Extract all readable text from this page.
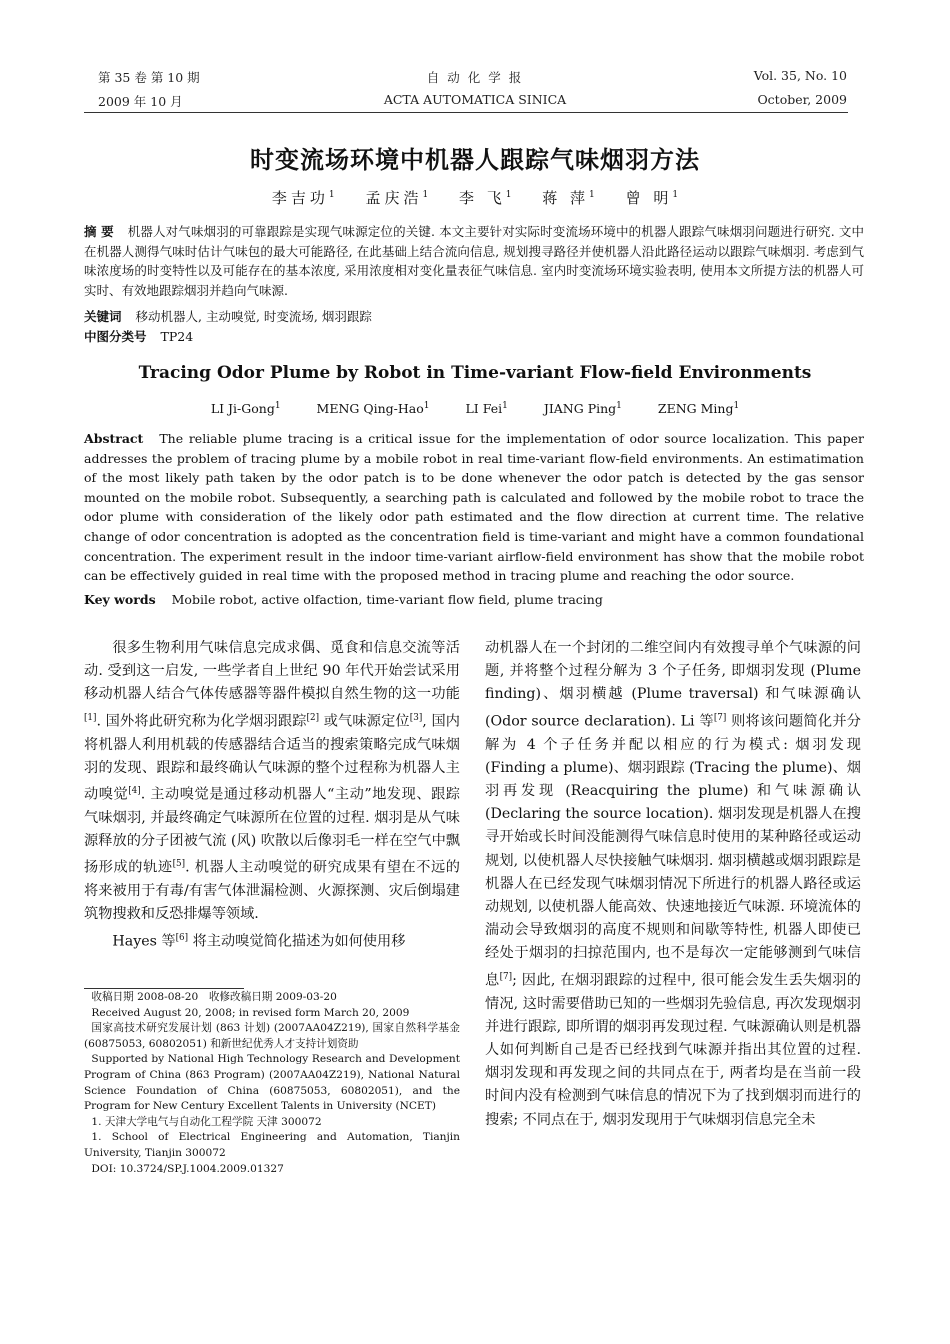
第 35 卷 第 10 期
2009 年 10 月
自 动 化 学 报
ACTA AUTOMATICA SINICA
Vol. 35, No. 10
October, 2009
时变流场环境中机器人跟踪气味烟羽方法
李吉功$^1$ 孟庆浩$^1$ 李 飞$^1$ 蒋 萍$^1$ 曾 明$^1$
摘 要 机器人对气味烟羽的可靠跟踪是实现气味源定位的关键. 本文主要针对实际时变流场环境中的机器人跟踪气味烟羽问题进行研究. 文中在机器人测得气味时估计气味包的最大可能路径, 在此基础上结合流向信息, 规划搜寻路径并使机器人沿此路径运动以跟踪气味烟羽. 考虑到气味浓度场的时变特性以及可能存在的基本浓度, 采用浓度相对变化量表征气味信息. 室内时变流场环境实验表明, 使用本文所提方法的机器人可实时、有效地跟踪烟羽并趋向气味源.
关键词 移动机器人, 主动嗅觉, 时变流场, 烟羽跟踪
中图分类号 TP24
Tracing Odor Plume by Robot in Time-variant Flow-field Environments
LI Ji-Gong$^1$	MENG Qing-Hao$^1$	LI Fei$^1$	JIANG Ping$^1$	ZENG Ming$^1$
Abstract The reliable plume tracing is a critical issue for the implementation of odor source localization. This paper addresses the problem of tracing plume by a mobile robot in real time-variant flow-field environments. An estimatimation of the most likely path taken by the odor patch is to be done whenever the odor patch is detected by the gas sensor mounted on the mobile robot. Subsequently, a searching path is calculated and followed by the mobile robot to trace the odor plume with consideration of the likely odor path estimated and the flow direction at current time. The relative change of odor concentration is adopted as the concentration field is time-variant and might have a common foundational concentration. The experiment result in the indoor time-variant airflow-field environment has show that the mobile robot can be effectively guided in real time with the proposed method in tracing plume and reaching the odor source.
Key words Mobile robot, active olfaction, time-variant flow field, plume tracing

很多生物利用气味信息完成求偶、觅食和信息交流等活动. 受到这一启发, 一些学者自上世纪 90 年代开始尝试采用移动机器人结合气体传感器等器件模拟自然生物的这一功能[1]. 国外将此研究称为化学烟羽跟踪[2] 或气味源定位[3], 国内将机器人利用机载的传感器结合适当的搜索策略完成气味烟羽的发现、跟踪和最终确认气味源的整个过程称为机器人主动嗅觉[4]. 主动嗅觉是通过移动机器人“主动”地发现、跟踪气味烟羽, 并最终确定气味源所在位置的过程. 烟羽是从气味源释放的分子团被气流 (风) 吹散以后像羽毛一样在空气中飘扬形成的轨迹[5]. 机器人主动嗅觉的研究成果有望在不远的将来被用于有毒/有害气体泄漏检测、火源探测、灾后倒塌建筑物搜救和反恐排爆等领域.

Hayes 等[6] 将主动嗅觉简化描述为如何使用移

收稿日期 2008-08-20　收修改稿日期 2009-03-20

Received August 20, 2008; in revised form March 20, 2009

国家高技术研究发展计划 (863 计划) (2007AA04Z219), 国家自然科学基金 (60875053, 60802051) 和新世纪优秀人才支持计划资助

Supported by National High Technology Research and Development Program of China (863 Program) (2007AA04Z219), National Natural Science Foundation of China (60875053, 60802051), and the Program for New Century Excellent Talents in University (NCET)

1. 天津大学电气与自动化工程学院 天津 300072

1. School of Electrical Engineering and Automation, Tianjin University, Tianjin 300072

DOI: 10.3724/SP.J.1004.2009.01327

动机器人在一个封闭的二维空间内有效搜寻单个气味源的问题, 并将整个过程分解为 3 个子任务, 即烟羽发现 (Plume finding)、烟羽横越 (Plume traversal) 和气味源确认 (Odor source declaration). Li 等[7] 则将该问题简化并分解为 4 个子任务并配以相应的行为模式: 烟羽发现 (Finding a plume)、烟羽跟踪 (Tracing the plume)、烟羽再发现 (Reacquiring the plume) 和气味源确认 (Declaring the source location). 烟羽发现是机器人在搜寻开始或长时间没能测得气味信息时使用的某种路径或运动规划, 以使机器人尽快接触气味烟羽. 烟羽横越或烟羽跟踪是机器人在已经发现气味烟羽情况下所进行的机器人路径或运动规划, 以使机器人能高效、快速地接近气味源. 环境流体的湍动会导致烟羽的高度不规则和间歇等特性, 机器人即使已经处于烟羽的扫掠范围内, 也不是每次一定能够测到气味信息[7]; 因此, 在烟羽跟踪的过程中, 很可能会发生丢失烟羽的情况, 这时需要借助已知的一些烟羽先验信息, 再次发现烟羽并进行跟踪, 即所谓的烟羽再发现过程. 气味源确认则是机器人如何判断自己是否已经找到气味源并指出其位置的过程. 烟羽发现和再发现之间的共同点在于, 两者均是在当前一段时间内没有检测到气味信息的情况下为了找到烟羽而进行的搜索; 不同点在于, 烟羽发现用于气味烟羽信息完全未
